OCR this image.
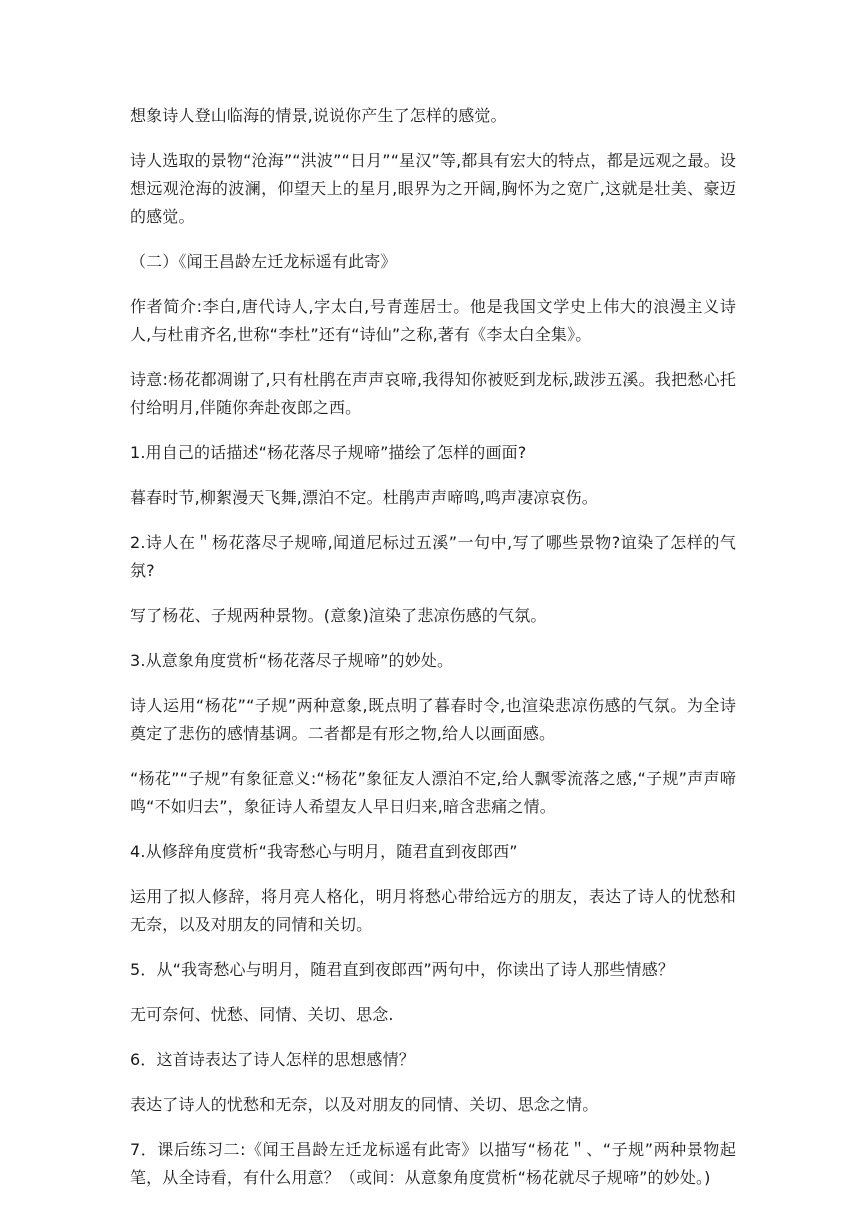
想象诗人登山临海的情景,说说你产生了怎样的感觉。

诗人选取的景物“沧海”“洪波”“日月”“星汉”等,都具有宏大的特点，都是远观之最。设想远观沧海的波澜，仰望天上的星月,眼界为之开阔,胸怀为之宽广,这就是壮美、豪迈的感觉。

（二）《闻王昌龄左迁龙标遥有此寄》

作者简介:李白,唐代诗人,字太白,号青莲居士。他是我国文学史上伟大的浪漫主义诗人,与杜甫齐名,世称“李杜”还有“诗仙”之称,著有《李太白全集》。

诗意:杨花都凋谢了,只有杜鹃在声声哀啼,我得知你被贬到龙标,跋涉五溪。我把愁心托付给明月,伴随你奔赴夜郎之西。

1.用自己的话描述“杨花落尽子规啼”描绘了怎样的画面?

暮春时节,柳絮漫天飞舞,漂泊不定。杜鹃声声啼鸣,鸣声凄凉哀伤。

2.诗人在＂杨花落尽子规啼,闻道尼标过五溪”一句中,写了哪些景物?谊染了怎样的气氛?

写了杨花、子规两种景物。(意象)渲染了悲凉伤感的气氛。

3.从意象角度赏析“杨花落尽子规啼”的妙处。

诗人运用“杨花”“子规”两种意象,既点明了暮春时令,也渲染悲凉伤感的气氛。为全诗奠定了悲伤的感情基调。二者都是有形之物,给人以画面感。

“杨花”“子规”有象征意义:“杨花”象征友人漂泊不定,给人飘零流落之感,“子规”声声啼鸣“不如归去”，象征诗人希望友人早日归来,暗含悲痛之情。

4.从修辞角度赏析“我寄愁心与明月，随君直到夜郎西”

运用了拟人修辞，将月亮人格化，明月将愁心带给远方的朋友，表达了诗人的忧愁和无奈，以及对朋友的同情和关切。

5．从“我寄愁心与明月，随君直到夜郎西”两句中，你读出了诗人那些情感？

无可奈何、忧愁、同情、关切、思念.

6．这首诗表达了诗人怎样的思想感情？

表达了诗人的忧愁和无奈，以及对朋友的同情、关切、思念之情。

7．课后练习二:《闻王昌龄左迁龙标遥有此寄》以描写“杨花＂、“子规”两种景物起笔，从全诗看，有什么用意？（或间：从意象角度赏析“杨花就尽子规啼”的妙处。)
